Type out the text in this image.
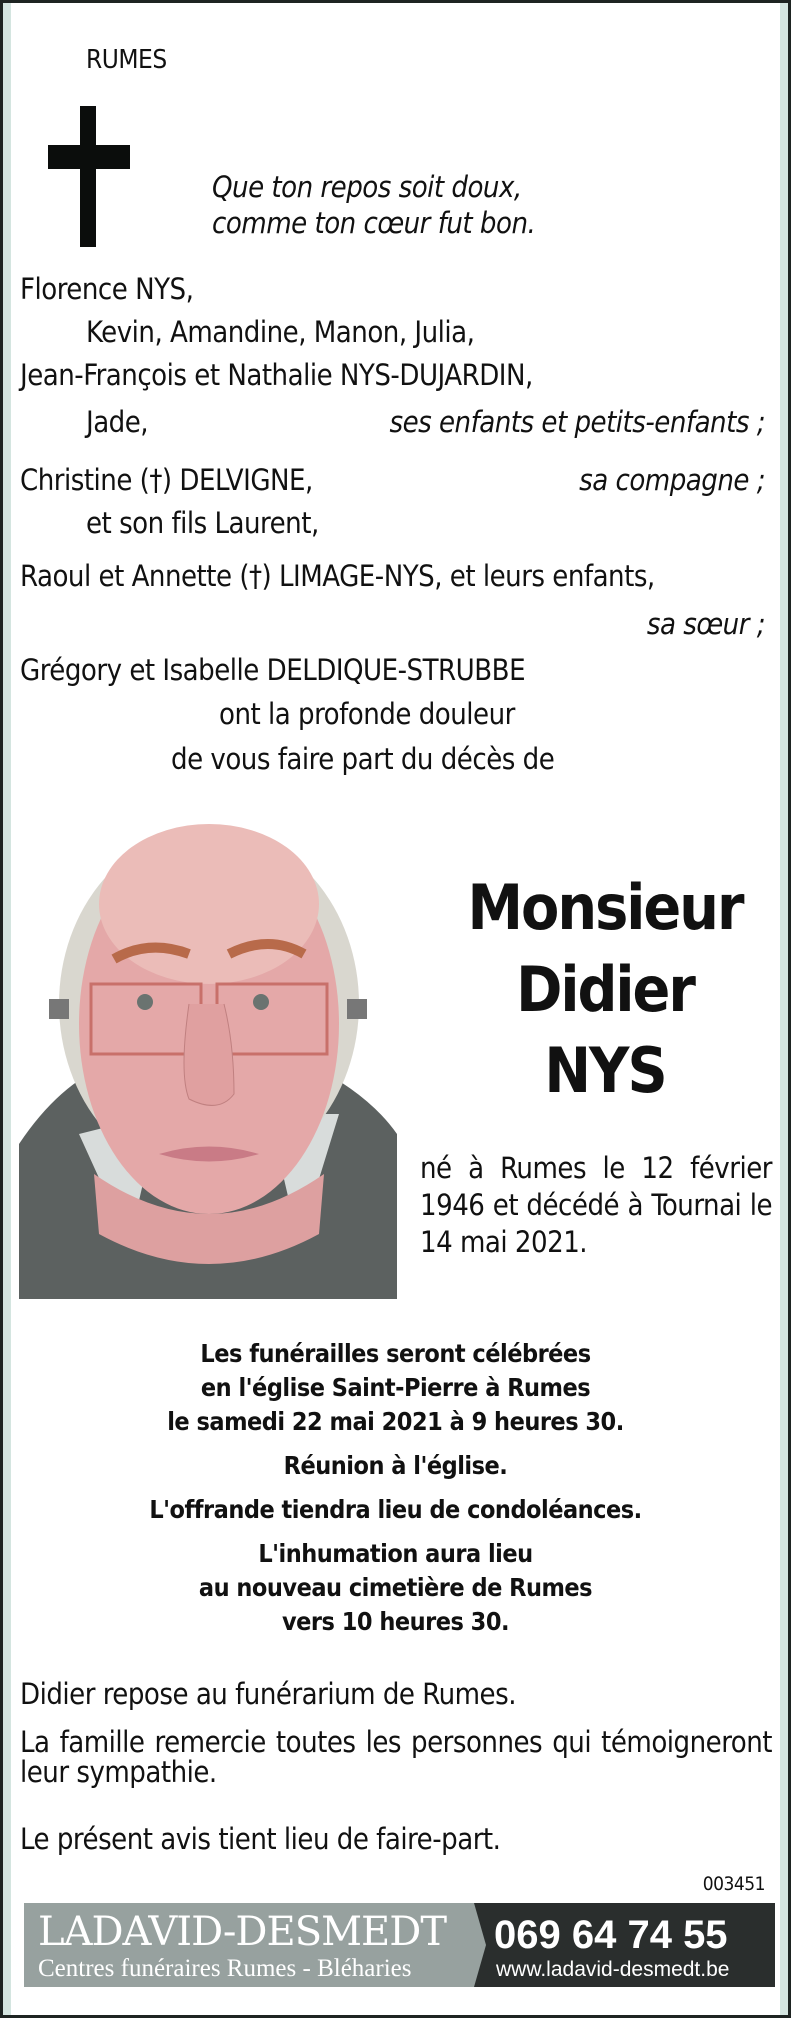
RUMES
Que ton repos soit doux,
comme ton cœur fut bon.
Florence NYS,
Kevin, Amandine, Manon, Julia,
Jean-François et Nathalie NYS-DUJARDIN,
Jade,	ses enfants et petits-enfants ;
Christine (†) DELVIGNE,	sa compagne ;
et son fils Laurent,
Raoul et Annette (†) LIMAGE-NYS, et leurs enfants,
sa sœur ;
Grégory et Isabelle DELDIQUE-STRUBBE
ont la profonde douleur
de vous faire part du décès de
Monsieur
Didier
NYS
né à Rumes le 12 février 1946 et décédé à Tournai le 14 mai 2021.
Les funérailles seront célébrées
en l'église Saint-Pierre à Rumes
le samedi 22 mai 2021 à 9 heures 30.
Réunion à l'église.
L'offrande tiendra lieu de condoléances.
L'inhumation aura lieu
au nouveau cimetière de Rumes
vers 10 heures 30.
Didier repose au funérarium de Rumes.
La famille remercie toutes les personnes qui témoigneront leur sympathie.
Le présent avis tient lieu de faire-part.
003451
LADAVID-DESMEDT
Centres funéraires Rumes - Bléharies
069 64 74 55
www.ladavid-desmedt.be
